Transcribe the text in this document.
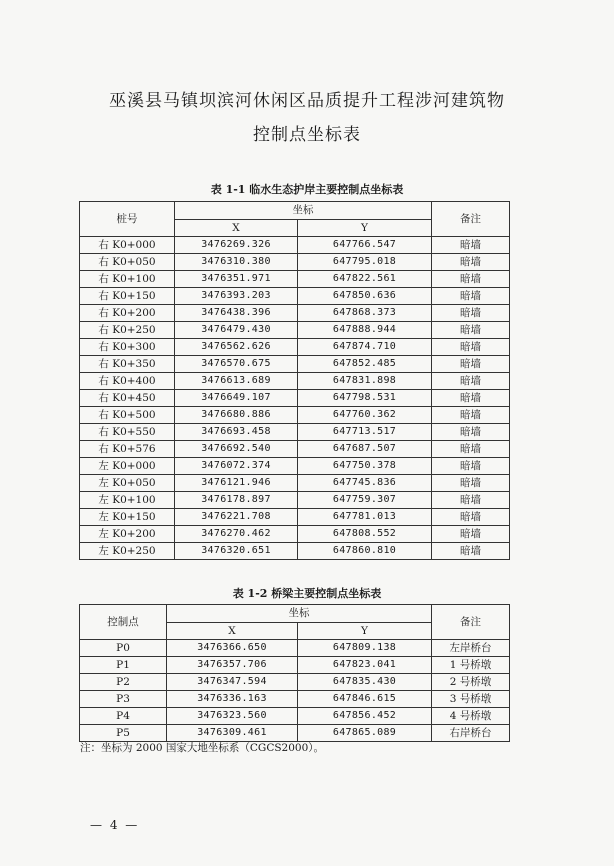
巫溪县马镇坝滨河休闲区品质提升工程涉河建筑物
控制点坐标表
表 1-1 临水生态护岸主要控制点坐标表
桩号	坐标		备注
	X	Y	
右 K0+000	3476269.326	647766.547	暗墙
右 K0+050	3476310.380	647795.018	暗墙
右 K0+100	3476351.971	647822.561	暗墙
右 K0+150	3476393.203	647850.636	暗墙
右 K0+200	3476438.396	647868.373	暗墙
右 K0+250	3476479.430	647888.944	暗墙
右 K0+300	3476562.626	647874.710	暗墙
右 K0+350	3476570.675	647852.485	暗墙
右 K0+400	3476613.689	647831.898	暗墙
右 K0+450	3476649.107	647798.531	暗墙
右 K0+500	3476680.886	647760.362	暗墙
右 K0+550	3476693.458	647713.517	暗墙
右 K0+576	3476692.540	647687.507	暗墙
左 K0+000	3476072.374	647750.378	暗墙
左 K0+050	3476121.946	647745.836	暗墙
左 K0+100	3476178.897	647759.307	暗墙
左 K0+150	3476221.708	647781.013	暗墙
左 K0+200	3476270.462	647808.552	暗墙
左 K0+250	3476320.651	647860.810	暗墙
表 1-2 桥梁主要控制点坐标表
控制点	坐标		备注
	X	Y	
P0	3476366.650	647809.138	左岸桥台
P1	3476357.706	647823.041	1 号桥墩
P2	3476347.594	647835.430	2 号桥墩
P3	3476336.163	647846.615	3 号桥墩
P4	3476323.560	647856.452	4 号桥墩
P5	3476309.461	647865.089	右岸桥台
注：坐标为 2000 国家大地坐标系（CGCS2000）。
— 4 —
